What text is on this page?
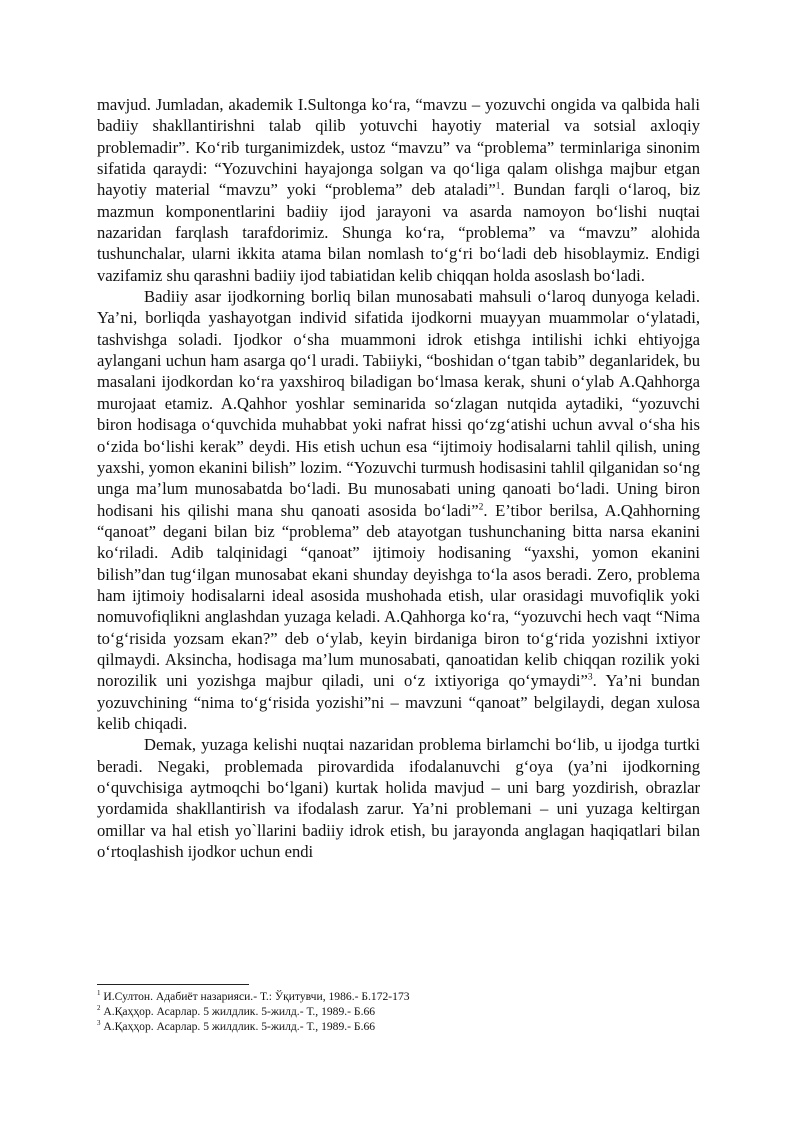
mavjud. Jumladan, akademik I.Sultonga koʻra, “mavzu – yozuvchi ongida va qalbida hali badiiy shakllantirishni talab qilib yotuvchi hayotiy material va sotsial axloqiy problemadir”. Koʻrib turganimizdek, ustoz “mavzu” va “problema” terminlariga sinonim sifatida qaraydi: “Yozuvchini hayajonga solgan va qoʻliga qalam olishga majbur etgan hayotiy material “mavzu” yoki “problema” deb ataladi”$^1$. Bundan farqli oʻlaroq, biz mazmun komponentlarini badiiy ijod jarayoni va asarda namoyon boʻlishi nuqtai nazaridan farqlash tarafdorimiz. Shunga koʻra, “problema” va “mavzu” alohida tushunchalar, ularni ikkita atama bilan nomlash toʻgʻri boʻladi deb hisoblaymiz. Endigi vazifamiz shu qarashni badiiy ijod tabiatidan kelib chiqqan holda asoslash boʻladi.

Badiiy asar ijodkorning borliq bilan munosabati mahsuli oʻlaroq dunyoga keladi. Ya’ni, borliqda yashayotgan individ sifatida ijodkorni muayyan muammolar oʻylatadi, tashvishga soladi. Ijodkor oʻsha muammoni idrok etishga intilishi ichki ehtiyojga aylangani uchun ham asarga qoʻl uradi. Tabiiyki, “boshidan oʻtgan tabib” deganlaridek, bu masalani ijodkordan koʻra yaxshiroq biladigan boʻlmasa kerak, shuni oʻylab A.Qahhorga murojaat etamiz. A.Qahhor yoshlar seminarida soʻzlagan nutqida aytadiki, “yozuvchi biron hodisaga oʻquvchida muhabbat yoki nafrat hissi qoʻzgʻatishi uchun avval oʻsha his oʻzida boʻlishi kerak” deydi. His etish uchun esa “ijtimoiy hodisalarni tahlil qilish, uning yaxshi, yomon ekanini bilish” lozim. “Yozuvchi turmush hodisasini tahlil qilganidan soʻng unga ma’lum munosabatda boʻladi. Bu munosabati uning qanoati boʻladi. Uning biron hodisani his qilishi mana shu qanoati asosida boʻladi”$^2$. E’tibor berilsa, A.Qahhorning “qanoat” degani bilan biz “problema” deb atayotgan tushunchaning bitta narsa ekanini koʻriladi. Adib talqinidagi “qanoat” ijtimoiy hodisaning “yaxshi, yomon ekanini bilish”dan tugʻilgan munosabat ekani shunday deyishga toʻla asos beradi. Zero, problema ham ijtimoiy hodisalarni ideal asosida mushohada etish, ular orasidagi muvofiqlik yoki nomuvofiqlikni anglashdan yuzaga keladi. A.Qahhorga koʻra, “yozuvchi hech vaqt “Nima toʻgʻrisida yozsam ekan?” deb oʻylab, keyin birdaniga biron toʻgʻrida yozishni ixtiyor qilmaydi. Aksincha, hodisaga ma’lum munosabati, qanoatidan kelib chiqqan rozilik yoki norozilik uni yozishga majbur qiladi, uni oʻz ixtiyoriga qoʻymaydi”$^3$. Ya’ni bundan yozuvchining “nima toʻgʻrisida yozishi”ni – mavzuni “qanoat” belgilaydi, degan xulosa kelib chiqadi.

Demak, yuzaga kelishi nuqtai nazaridan problema birlamchi boʻlib, u ijodga turtki beradi. Negaki, problemada pirovardida ifodalanuvchi gʻoya (ya’ni ijodkorning oʻquvchisiga aytmoqchi boʻlgani) kurtak holida mavjud – uni barg yozdirish, obrazlar yordamida shakllantirish va ifodalash zarur. Ya’ni problemani – uni yuzaga keltirgan omillar va hal etish yo`llarini badiiy idrok etish, bu jarayonda anglagan haqiqatlari bilan oʻrtoqlashish ijodkor uchun endi

$^1$ И.Султон. Адабиёт назарияси.- Т.: Ўқитувчи, 1986.- Б.172-173

$^2$ А.Қаҳҳор. Асарлар. 5 жилдлик. 5-жилд.- Т., 1989.- Б.66

$^3$ А.Қаҳҳор. Асарлар. 5 жилдлик. 5-жилд.- Т., 1989.- Б.66
